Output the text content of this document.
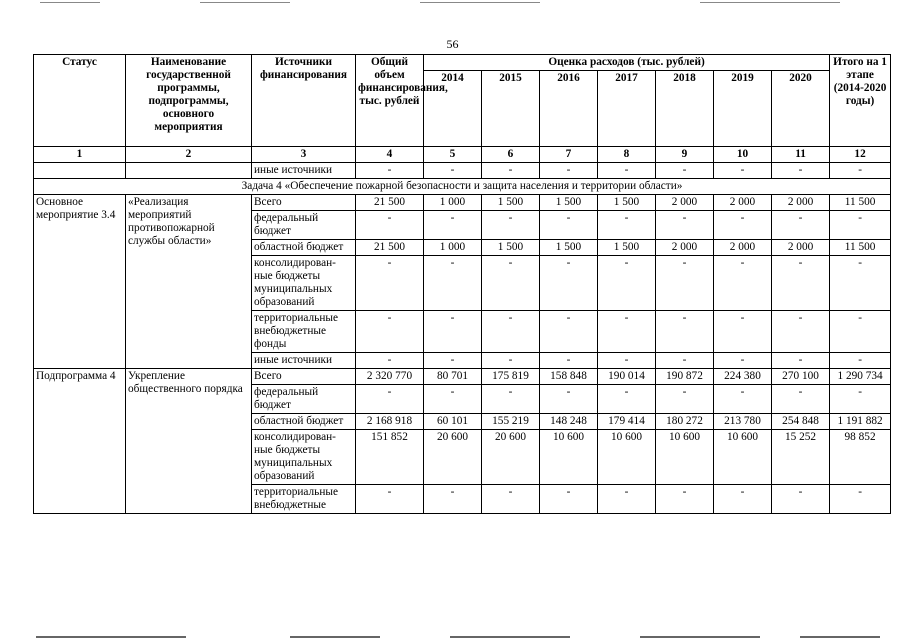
56
Статус	Наименование государственной программы, подпрограммы, основного мероприятия	Источники финансирования	Общий объем финансирования, тыс. рублей	Оценка расходов (тыс. рублей)							Итого на 1 этапе (2014-2020 годы)
				2014	2015	2016	2017	2018	2019	2020	
1	2	3	4	5	6	7	8	9	10	11	12
		иные источники	-	-	-	-	-	-	-	-	-
Задача 4 «Обеспечение пожарной безопасности и защита населения и территории области»											
Основное мероприятие 3.4	«Реализация мероприятий противопожарной службы области»	Всего	21 500	1 000	1 500	1 500	1 500	2 000	2 000	2 000	11 500
		федеральный бюджет	-	-	-	-	-	-	-	-	-
		областной бюджет	21 500	1 000	1 500	1 500	1 500	2 000	2 000	2 000	11 500
		консолидирован-ные бюджеты муниципальных образований	-	-	-	-	-	-	-	-	-
		территориальные внебюджетные фонды	-	-	-	-	-	-	-	-	-
		иные источники	-	-	-	-	-	-	-	-	-
Подпрограмма 4	Укрепление общественного порядка	Всего	2 320 770	80 701	175 819	158 848	190 014	190 872	224 380	270 100	1 290 734
		федеральный бюджет	-	-	-	-	-	-	-	-	-
		областной бюджет	2 168 918	60 101	155 219	148 248	179 414	180 272	213 780	254 848	1 191 882
		консолидирован-ные бюджеты муниципальных образований	151 852	20 600	20 600	10 600	10 600	10 600	10 600	15 252	98 852
		территориальные внебюджетные	-	-	-	-	-	-	-	-	-
